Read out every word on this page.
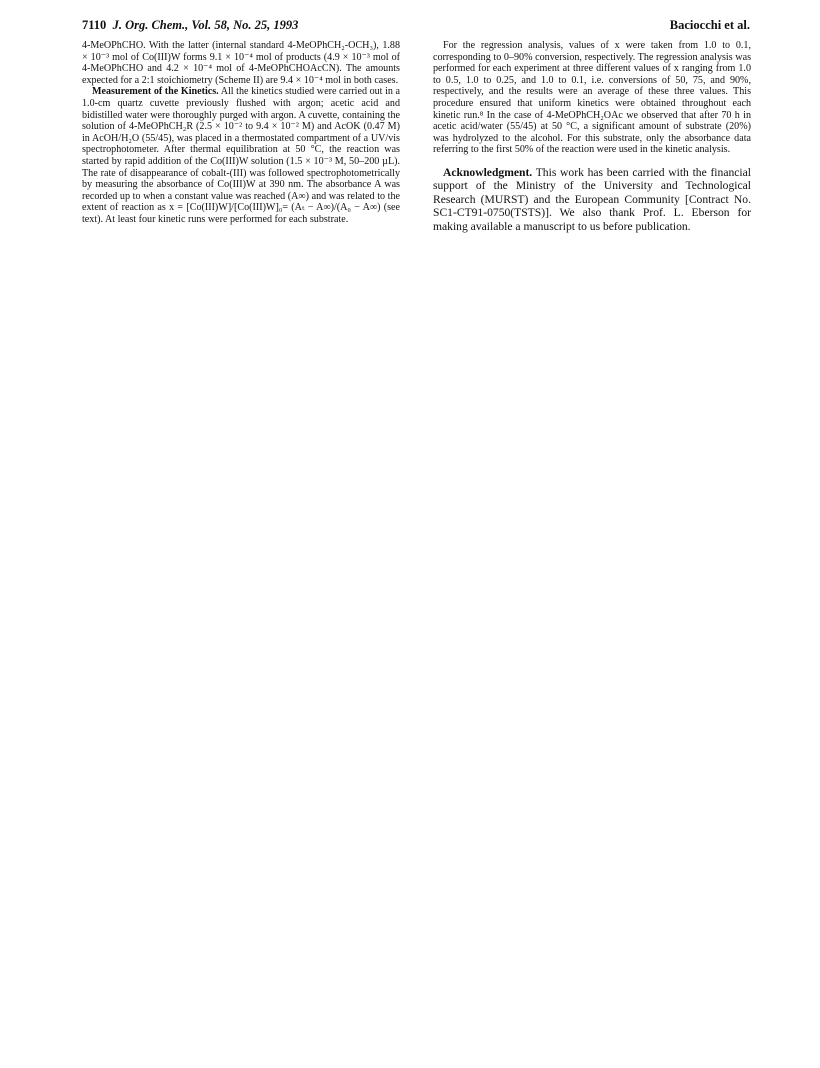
7110 J. Org. Chem., Vol. 58, No. 25, 1993	Baciocchi et al.

4-MeOPhCHO. With the latter (internal standard 4-MeOPhCH₂-OCH₃), 1.88 × 10⁻³ mol of Co(III)W forms 9.1 × 10⁻⁴ mol of products (4.9 × 10⁻³ mol of 4-MeOPhCHO and 4.2 × 10⁻⁴ mol of 4-MeOPhCHOAcCN). The amounts expected for a 2:1 stoichiometry (Scheme II) are 9.4 × 10⁻⁴ mol in both cases.

Measurement of the Kinetics. All the kinetics studied were carried out in a 1.0-cm quartz cuvette previously flushed with argon; acetic acid and bidistilled water were thoroughly purged with argon. A cuvette, containing the solution of 4-MeOPhCH₂R (2.5 × 10⁻² to 9.4 × 10⁻² M) and AcOK (0.47 M) in AcOH/H₂O (55/45), was placed in a thermostated compartment of a UV/vis spectrophotometer. After thermal equilibration at 50 °C, the reaction was started by rapid addition of the Co(III)W solution (1.5 × 10⁻³ M, 50–200 µL). The rate of disappearance of cobalt-(III) was followed spectrophotometrically by measuring the absorbance of Co(III)W at 390 nm. The absorbance A was recorded up to when a constant value was reached (A∞) and was related to the extent of reaction as x = [Co(III)W]/[Co(III)W]₀= (Aₜ − A∞)/(A₀ − A∞) (see text). At least four kinetic runs were performed for each substrate.

For the regression analysis, values of x were taken from 1.0 to 0.1, corresponding to 0–90% conversion, respectively. The regression analysis was performed for each experiment at three different values of x ranging from 1.0 to 0.5, 1.0 to 0.25, and 1.0 to 0.1, i.e. conversions of 50, 75, and 90%, respectively, and the results were an average of these three values. This procedure ensured that uniform kinetics were obtained throughout each kinetic run.⁸ In the case of 4-MeOPhCH₂OAc we observed that after 70 h in acetic acid/water (55/45) at 50 °C, a significant amount of substrate (20%) was hydrolyzed to the alcohol. For this substrate, only the absorbance data referring to the first 50% of the reaction were used in the kinetic analysis.

Acknowledgment. This work has been carried with the financial support of the Ministry of the University and Technological Research (MURST) and the European Community [Contract No. SC1-CT91-0750(TSTS)]. We also thank Prof. L. Eberson for making available a manuscript to us before publication.
